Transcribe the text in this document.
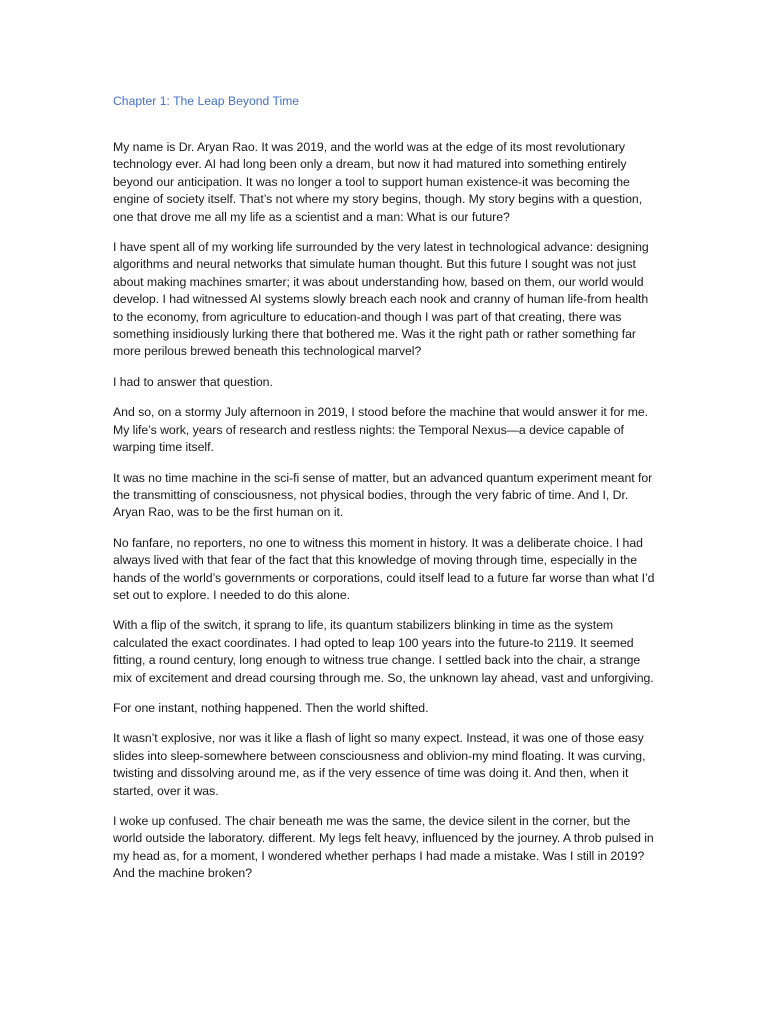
Chapter 1: The Leap Beyond Time

My name is Dr. Aryan Rao. It was 2019, and the world was at the edge of its most revolutionary technology ever. AI had long been only a dream, but now it had matured into something entirely beyond our anticipation. It was no longer a tool to support human existence-it was becoming the engine of society itself. That’s not where my story begins, though. My story begins with a question, one that drove me all my life as a scientist and a man: What is our future?

I have spent all of my working life surrounded by the very latest in technological advance: designing algorithms and neural networks that simulate human thought. But this future I sought was not just about making machines smarter; it was about understanding how, based on them, our world would develop. I had witnessed AI systems slowly breach each nook and cranny of human life-from health to the economy, from agriculture to education-and though I was part of that creating, there was something insidiously lurking there that bothered me. Was it the right path or rather something far more perilous brewed beneath this technological marvel?

I had to answer that question.

And so, on a stormy July afternoon in 2019, I stood before the machine that would answer it for me. My life’s work, years of research and restless nights: the Temporal Nexus—a device capable of warping time itself.

It was no time machine in the sci-fi sense of matter, but an advanced quantum experiment meant for the transmitting of consciousness, not physical bodies, through the very fabric of time. And I, Dr. Aryan Rao, was to be the first human on it.

No fanfare, no reporters, no one to witness this moment in history. It was a deliberate choice. I had always lived with that fear of the fact that this knowledge of moving through time, especially in the hands of the world’s governments or corporations, could itself lead to a future far worse than what I’d set out to explore. I needed to do this alone.

With a flip of the switch, it sprang to life, its quantum stabilizers blinking in time as the system calculated the exact coordinates. I had opted to leap 100 years into the future-to 2119. It seemed fitting, a round century, long enough to witness true change. I settled back into the chair, a strange mix of excitement and dread coursing through me. So, the unknown lay ahead, vast and unforgiving.

For one instant, nothing happened. Then the world shifted.

It wasn’t explosive, nor was it like a flash of light so many expect. Instead, it was one of those easy slides into sleep-somewhere between consciousness and oblivion-my mind floating. It was curving, twisting and dissolving around me, as if the very essence of time was doing it. And then, when it started, over it was.

I woke up confused. The chair beneath me was the same, the device silent in the corner, but the world outside the laboratory. different. My legs felt heavy, influenced by the journey. A throb pulsed in my head as, for a moment, I wondered whether perhaps I had made a mistake. Was I still in 2019? And the machine broken?
